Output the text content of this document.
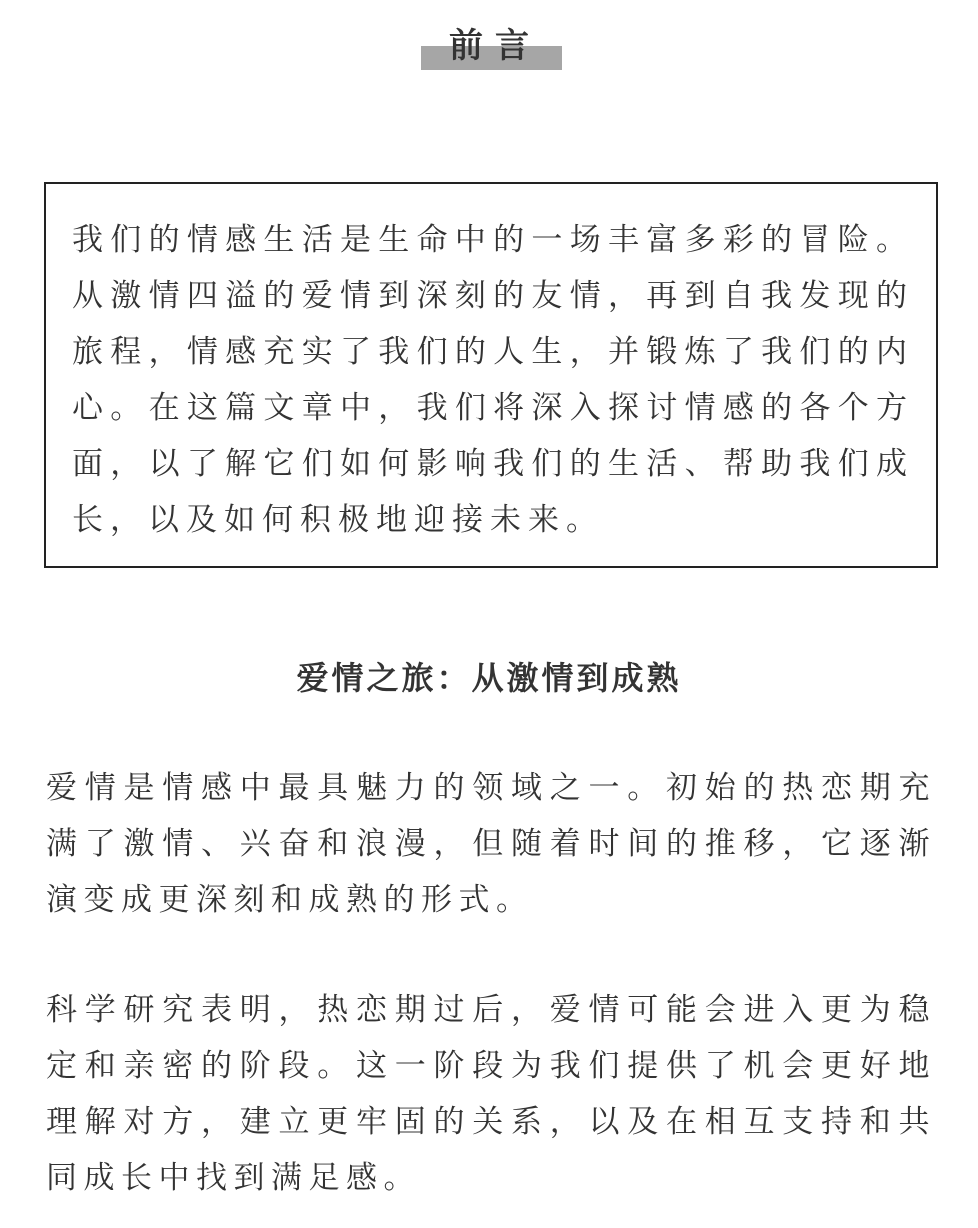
前言

我们的情感生活是生命中的一场丰富多彩的冒险。从激情四溢的爱情到深刻的友情，再到自我发现的旅程，情感充实了我们的人生，并锻炼了我们的内心。在这篇文章中，我们将深入探讨情感的各个方面，以了解它们如何影响我们的生活、帮助我们成长，以及如何积极地迎接未来。

爱情之旅：从激情到成熟

爱情是情感中最具魅力的领域之一。初始的热恋期充满了激情、兴奋和浪漫，但随着时间的推移，它逐渐演变成更深刻和成熟的形式。

科学研究表明，热恋期过后，爱情可能会进入更为稳定和亲密的阶段。这一阶段为我们提供了机会更好地理解对方，建立更牢固的关系，以及在相互支持和共同成长中找到满足感。
